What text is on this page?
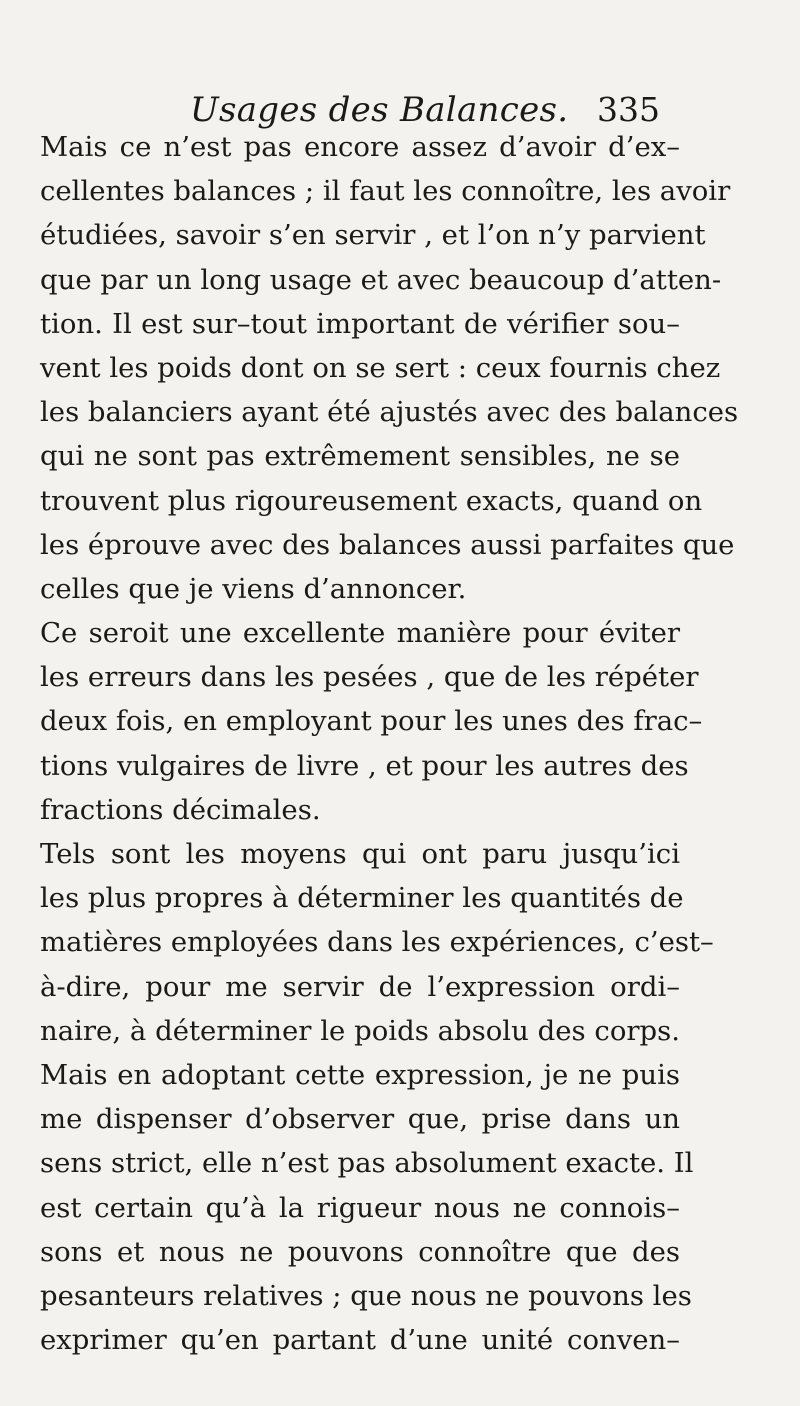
Usages des Balances. 335
Mais ce n’est pas encore assez d’avoir d’ex–
cellentes balances ; il faut les connoître, les avoir
étudiées, savoir s’en servir , et l’on n’y parvient
que par un long usage et avec beaucoup d’atten-
tion. Il est sur–tout important de vérifier sou–
vent les poids dont on se sert : ceux fournis chez
les balanciers ayant été ajustés avec des balances
qui ne sont pas extrêmement sensibles, ne se
trouvent plus rigoureusement exacts, quand on
les éprouve avec des balances aussi parfaites que
celles que je viens d’annoncer.
Ce seroit une excellente manière pour éviter
les erreurs dans les pesées , que de les répéter
deux fois, en employant pour les unes des frac–
tions vulgaires de livre , et pour les autres des
fractions décimales.
Tels sont les moyens qui ont paru jusqu’ici
les plus propres à déterminer les quantités de
matières employées dans les expériences, c’est–
à-dire, pour me servir de l’expression ordi–
naire, à déterminer le poids absolu des corps.
Mais en adoptant cette expression, je ne puis
me dispenser d’observer que, prise dans un
sens strict, elle n’est pas absolument exacte. Il
est certain qu’à la rigueur nous ne connois–
sons et nous ne pouvons connoître que des
pesanteurs relatives ; que nous ne pouvons les
exprimer qu’en partant d’une unité conven–
